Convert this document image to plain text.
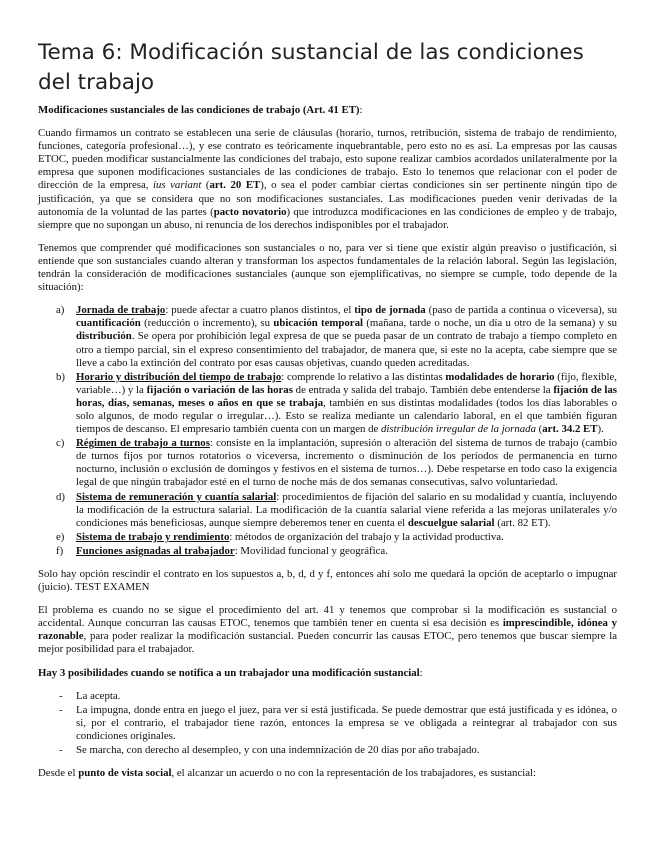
Tema 6: Modificación sustancial de las condiciones del trabajo

Modificaciones sustanciales de las condiciones de trabajo (Art. 41 ET):

Cuando firmamos un contrato se establecen una serie de cláusulas (horario, turnos, retribución, sistema de trabajo de rendimiento, funciones, categoría profesional…), y ese contrato es teóricamente inquebrantable, pero esto no es así. La empresas por las causas ETOC, pueden modificar sustancialmente las condiciones del trabajo, esto supone realizar cambios acordados unilateralmente por la empresa que suponen modificaciones sustanciales de las condiciones de trabajo. Esto lo tenemos que relacionar con el poder de dirección de la empresa, ius variant (art. 20 ET), o sea el poder cambiar ciertas condiciones sin ser pertinente ningún tipo de justificación, ya que se considera que no son modificaciones sustanciales. Las modificaciones pueden venir derivadas de la autonomía de la voluntad de las partes (pacto novatorio) que introduzca modificaciones en las condiciones de empleo y de trabajo, siempre que no supongan un abuso, ni renuncia de los derechos indisponibles por el trabajador.

Tenemos que comprender qué modificaciones son sustanciales o no, para ver si tiene que existir algún preaviso o justificación, si entiende que son sustanciales cuando alteran y transforman los aspectos fundamentales de la relación laboral. Según las legislación, tendrán la consideración de modificaciones sustanciales (aunque son ejemplificativas, no siempre se cumple, todo depende de la situación):

a) Jornada de trabajo: puede afectar a cuatro planos distintos, el tipo de jornada (paso de partida a continua o viceversa), su cuantificación (reducción o incremento), su ubicación temporal (mañana, tarde o noche, un día u otro de la semana) y su distribución. Se opera por prohibición legal expresa de que se pueda pasar de un contrato de trabajo a tiempo completo en otro a tiempo parcial, sin el expreso consentimiento del trabajador, de manera que, si este no la acepta, cabe siempre que se lleve a cabo la extinción del contrato por esas causas objetivas, cuando queden acreditadas.
b) Horario y distribución del tiempo de trabajo: comprende lo relativo a las distintas modalidades de horario (fijo, flexible, variable…) y la fijación o variación de las horas de entrada y salida del trabajo. También debe entenderse la fijación de las horas, días, semanas, meses o años en que se trabaja, también en sus distintas modalidades (todos los días laborables o solo algunos, de modo regular o irregular…). Esto se realiza mediante un calendario laboral, en el que también figuran tiempos de descanso. El empresario también cuenta con un margen de distribución irregular de la jornada (art. 34.2 ET).
c) Régimen de trabajo a turnos: consiste en la implantación, supresión o alteración del sistema de turnos de trabajo (cambio de turnos fijos por turnos rotatorios o viceversa, incremento o disminución de los períodos de permanencia en turno nocturno, inclusión o exclusión de domingos y festivos en el sistema de turnos…). Debe respetarse en todo caso la exigencia legal de que ningún trabajador esté en el turno de noche más de dos semanas consecutivas, salvo voluntariedad.
d) Sistema de remuneración y cuantía salarial: procedimientos de fijación del salario en su modalidad y cuantía, incluyendo la modificación de la estructura salarial. La modificación de la cuantía salarial viene referida a las mejoras unilaterales y/o condiciones más beneficiosas, aunque siempre deberemos tener en cuenta el descuelgue salarial (art. 82 ET).
e) Sistema de trabajo y rendimiento: métodos de organización del trabajo y la actividad productiva.
f) Funciones asignadas al trabajador: Movilidad funcional y geográfica.

Solo hay opción rescindir el contrato en los supuestos a, b, d, d y f, entonces ahí solo me quedará la opción de aceptarlo o impugnar (juicio). TEST EXAMEN

El problema es cuando no se sigue el procedimiento del art. 41 y tenemos que comprobar si la modificación es sustancial o accidental. Aunque concurran las causas ETOC, tenemos que también tener en cuenta si esa decisión es imprescindible, idónea y razonable, para poder realizar la modificación sustancial. Pueden concurrir las causas ETOC, pero tenemos que buscar siempre la mejor posibilidad para el trabajador.

Hay 3 posibilidades cuando se notifica a un trabajador una modificación sustancial:

- La acepta.
- La impugna, donde entra en juego el juez, para ver si está justificada. Se puede demostrar que está justificada y es idónea, o si, por el contrario, el trabajador tiene razón, entonces la empresa se ve obligada a reintegrar al trabajador con sus condiciones originales.
- Se marcha, con derecho al desempleo, y con una indemnización de 20 días por año trabajado.

Desde el punto de vista social, el alcanzar un acuerdo o no con la representación de los trabajadores, es sustancial:
